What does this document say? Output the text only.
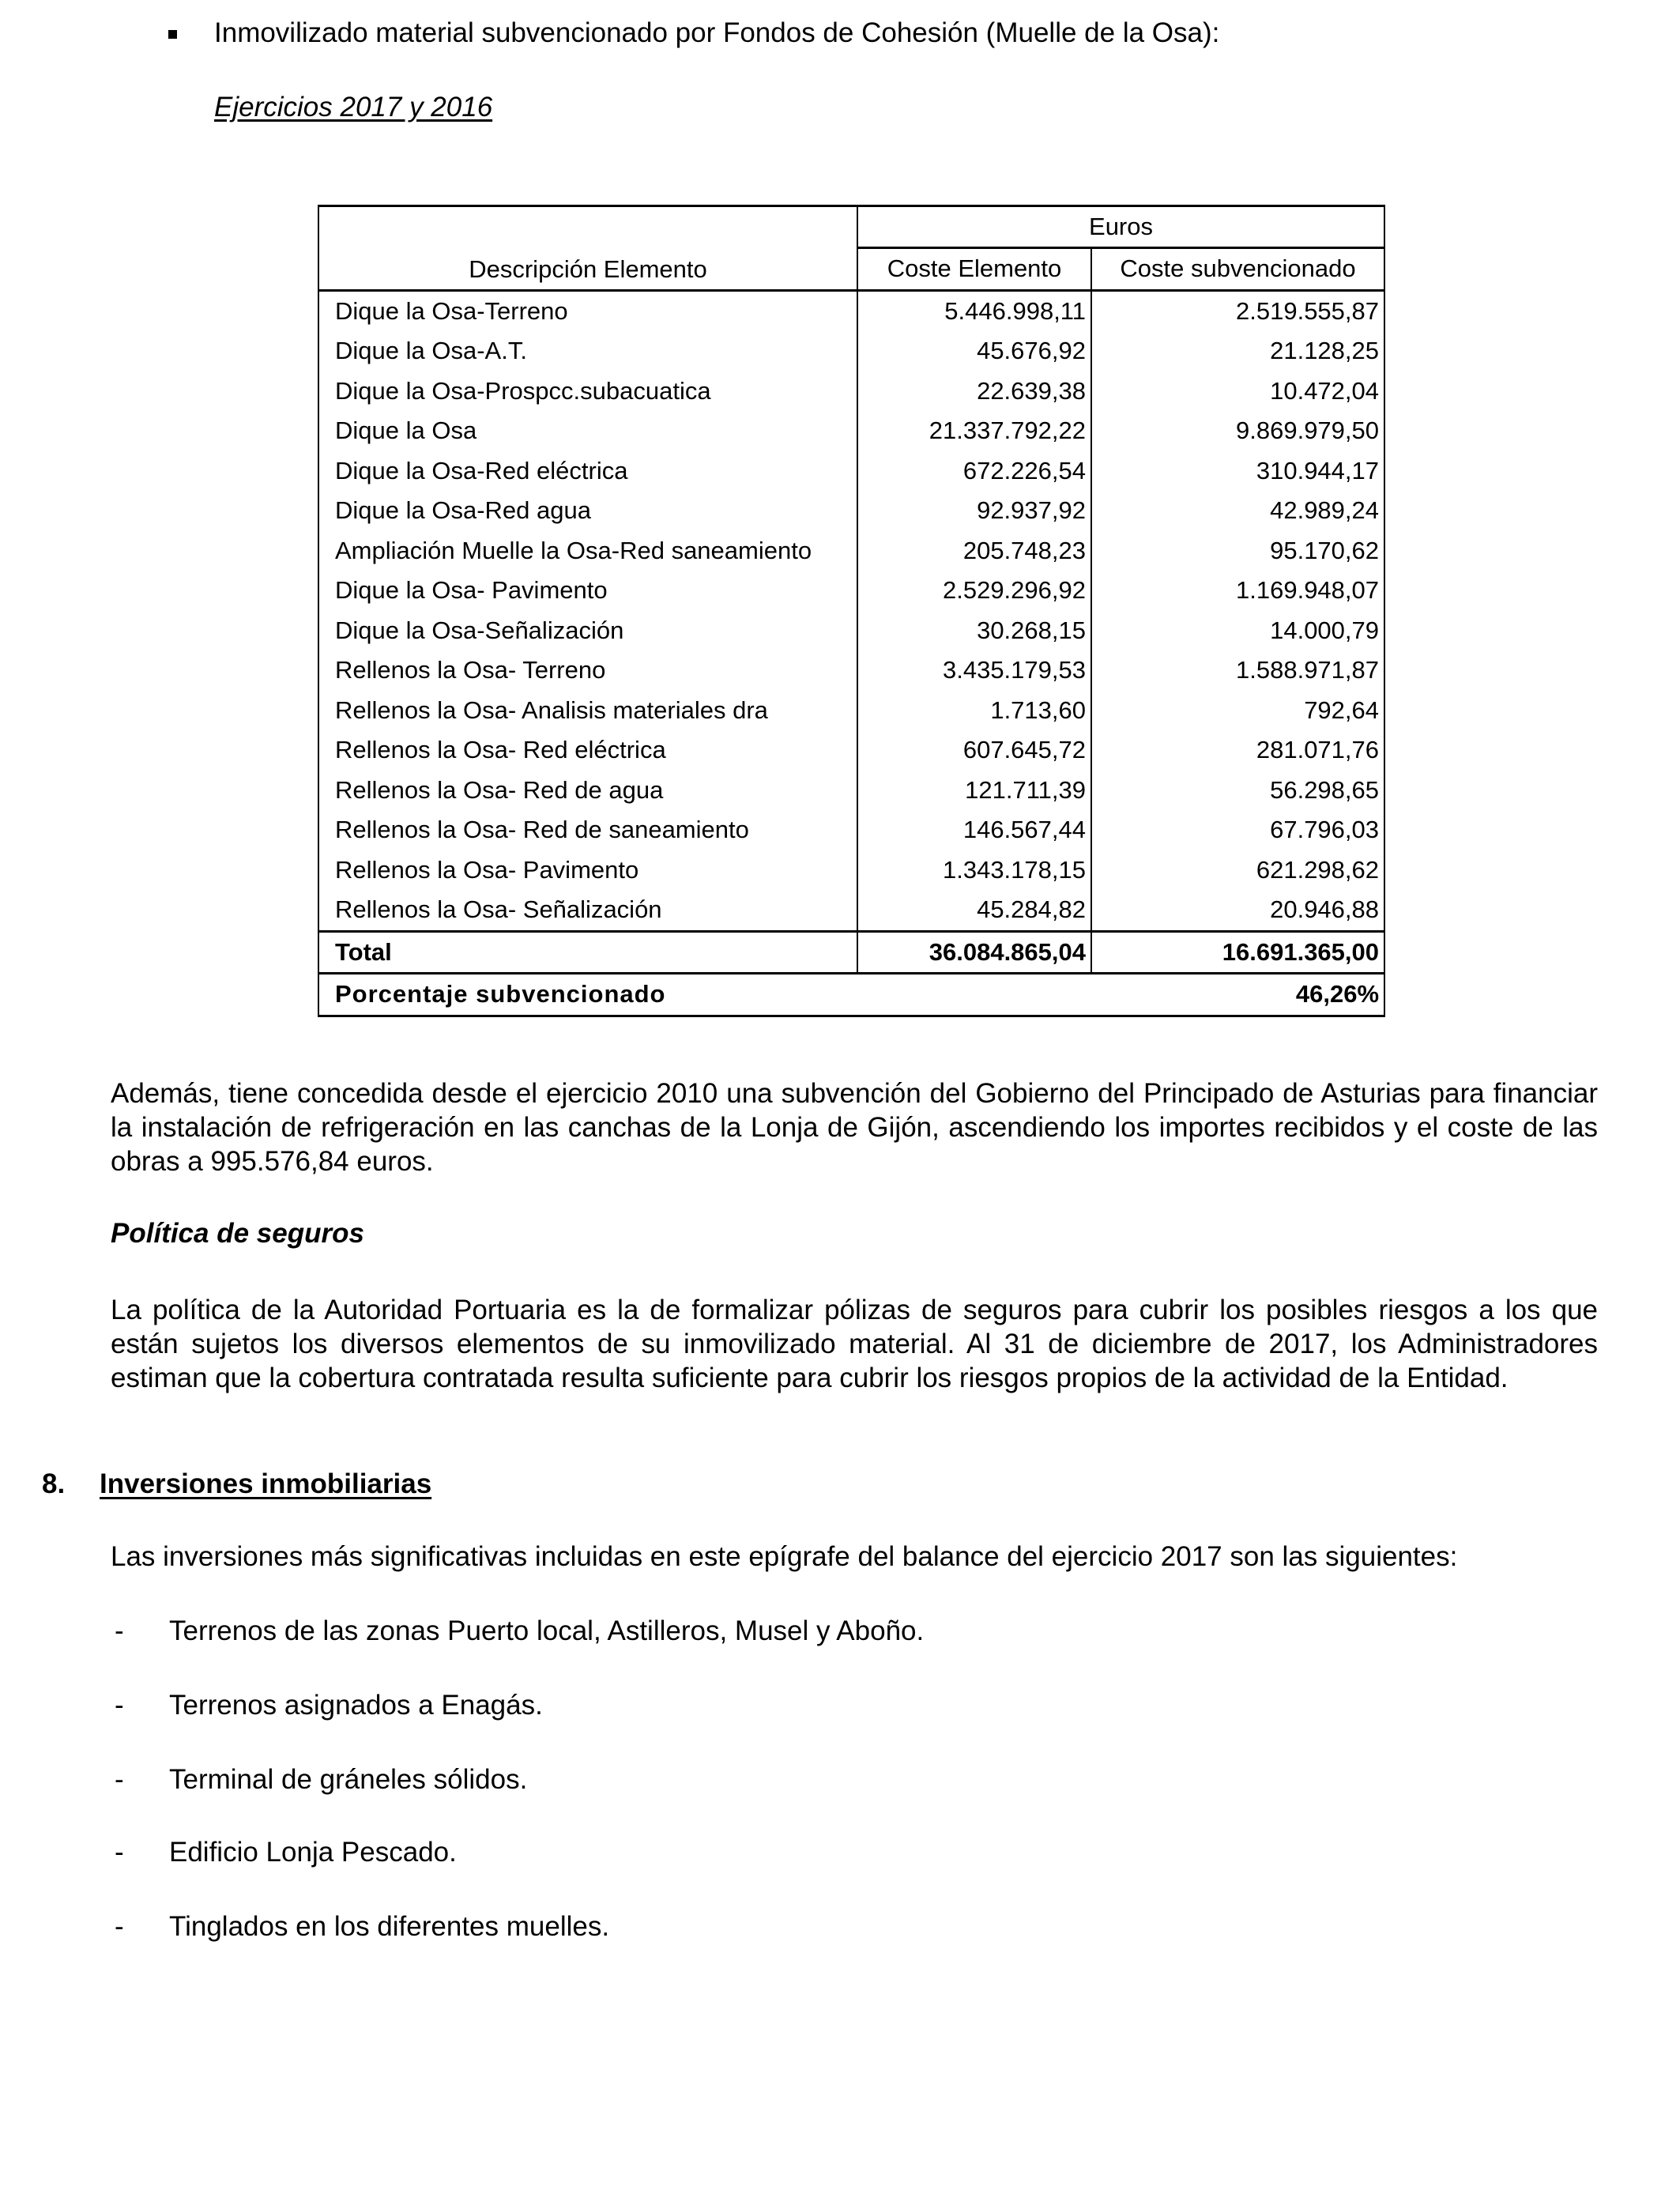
Inmovilizado material subvencionado por Fondos de Cohesión (Muelle de la Osa):
Ejercicios 2017 y 2016
Descripción Elemento	Euros	
	Coste Elemento	Coste subvencionado
Dique la Osa-Terreno	5.446.998,11	2.519.555,87
Dique la Osa-A.T.	45.676,92	21.128,25
Dique la Osa-Prospcc.subacuatica	22.639,38	10.472,04
Dique la Osa	21.337.792,22	9.869.979,50
Dique la Osa-Red eléctrica	672.226,54	310.944,17
Dique la Osa-Red agua	92.937,92	42.989,24
Ampliación Muelle la Osa-Red saneamiento	205.748,23	95.170,62
Dique la Osa- Pavimento	2.529.296,92	1.169.948,07
Dique la Osa-Señalización	30.268,15	14.000,79
Rellenos la Osa- Terreno	3.435.179,53	1.588.971,87
Rellenos la Osa- Analisis materiales dra	1.713,60	792,64
Rellenos la Osa- Red eléctrica	607.645,72	281.071,76
Rellenos la Osa- Red de agua	121.711,39	56.298,65
Rellenos la Osa- Red de saneamiento	146.567,44	67.796,03
Rellenos la Osa- Pavimento	1.343.178,15	621.298,62
Rellenos la Osa- Señalización	45.284,82	20.946,88
Total	36.084.865,04	16.691.365,00
Porcentaje subvencionado		46,26%
Además, tiene concedida desde el ejercicio 2010 una subvención del Gobierno del Principado de Asturias para financiar la instalación de refrigeración en las canchas de la Lonja de Gijón, ascendiendo los importes recibidos y el coste de las obras a 995.576,84 euros.
Política de seguros
La política de la Autoridad Portuaria es la de formalizar pólizas de seguros para cubrir los posibles riesgos a los que están sujetos los diversos elementos de su inmovilizado material. Al 31 de diciembre de 2017, los Administradores estiman que la cobertura contratada resulta suficiente para cubrir los riesgos propios de la actividad de la Entidad.
8. Inversiones inmobiliarias
Las inversiones más significativas incluidas en este epígrafe del balance del ejercicio 2017 son las siguientes:
- Terrenos de las zonas Puerto local, Astilleros, Musel y Aboño.
- Terrenos asignados a Enagás.
- Terminal de gráneles sólidos.
- Edificio Lonja Pescado.
- Tinglados en los diferentes muelles.
